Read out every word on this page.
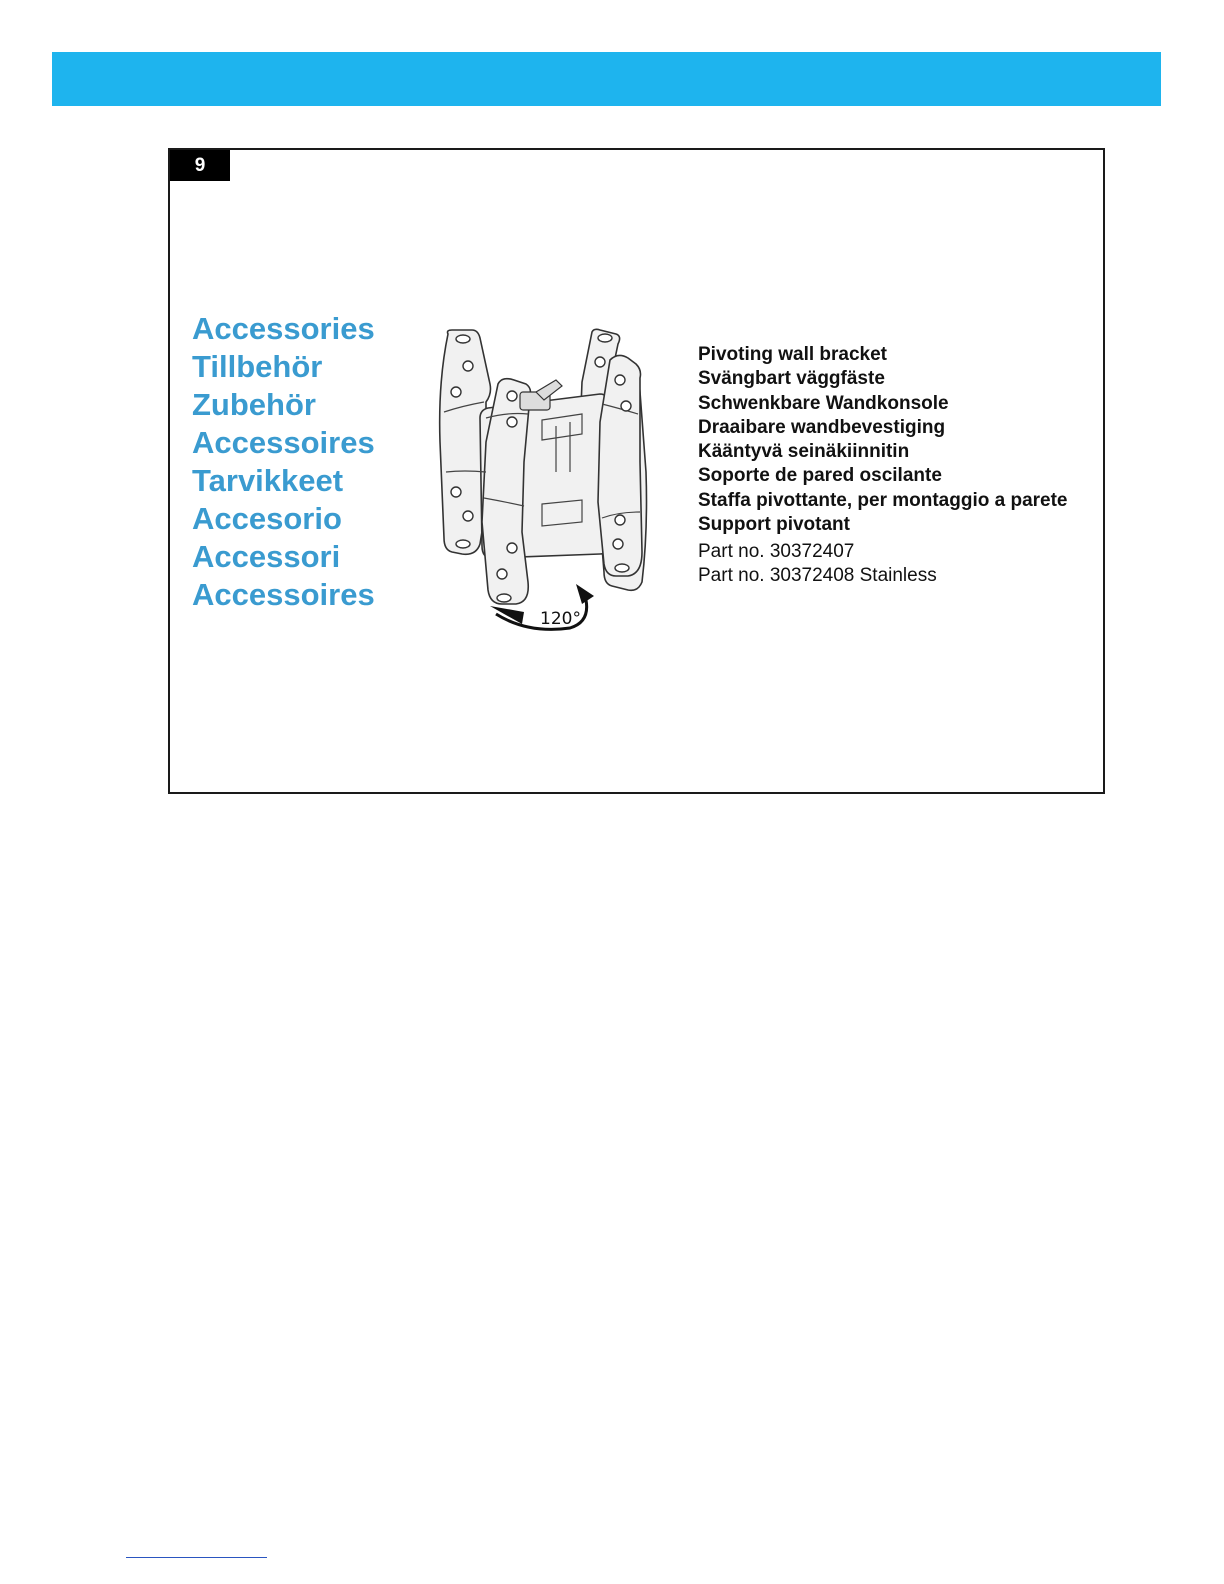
9
Accessories
Tillbehör
Zubehör
Accessoires
Tarvikkeet
Accesorio
Accessori
Accessoires
120°
Pivoting wall bracket
Svängbart väggfäste
Schwenkbare Wandkonsole
Draaibare wandbevestiging
Kääntyvä seinäkiinnitin
Soporte de pared oscilante
Staffa pivottante, per montaggio a parete
Support pivotant
Part no. 30372407
Part no. 30372408 Stainless
